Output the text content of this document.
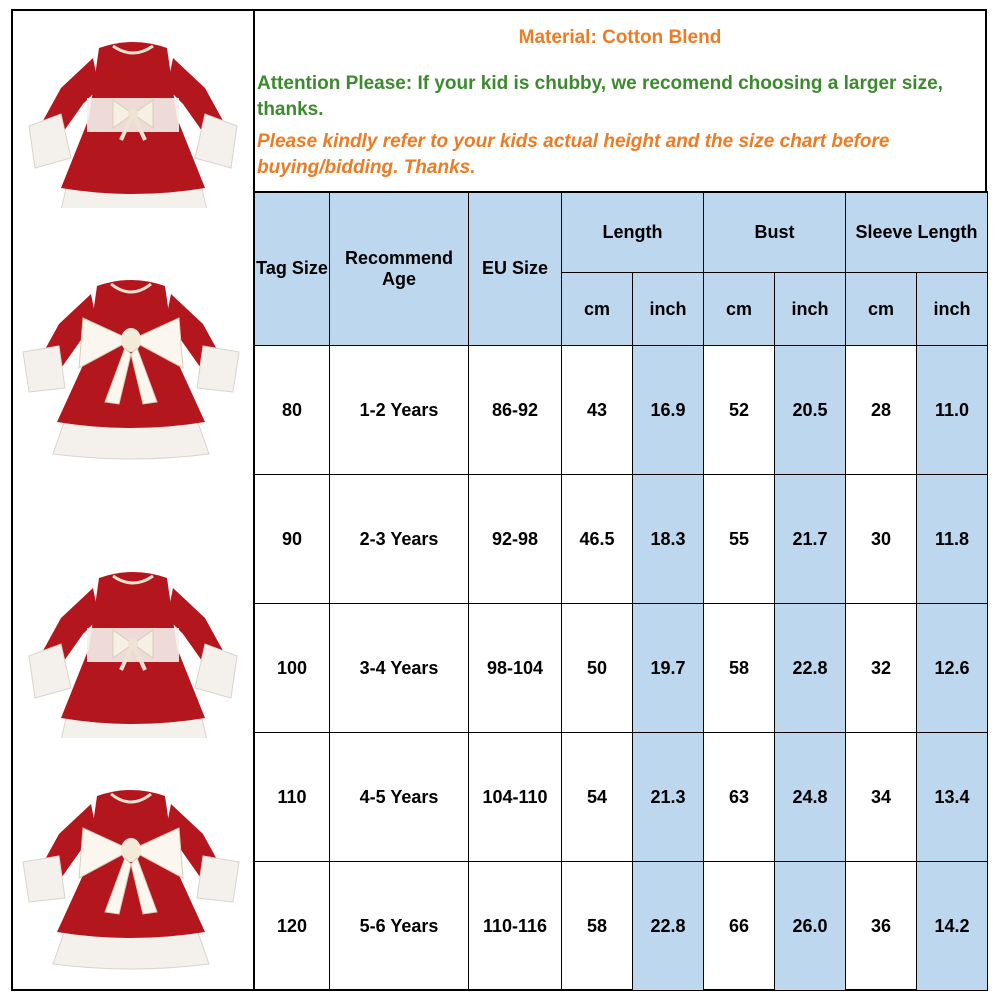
Material: Cotton Blend
Attention Please: If your kid is chubby, we recomend choosing a larger size, thanks.
Please kindly refer to your kids actual height and the size chart before buying/bidding. Thanks.
Tag Size	Recommend Age	EU Size	Length		Bust		Sleeve Length	
			cm	inch	cm	inch	cm	inch
80	1-2 Years	86-92	43	16.9	52	20.5	28	11.0
90	2-3 Years	92-98	46.5	18.3	55	21.7	30	11.8
100	3-4 Years	98-104	50	19.7	58	22.8	32	12.6
110	4-5 Years	104-110	54	21.3	63	24.8	34	13.4
120	5-6 Years	110-116	58	22.8	66	26.0	36	14.2
